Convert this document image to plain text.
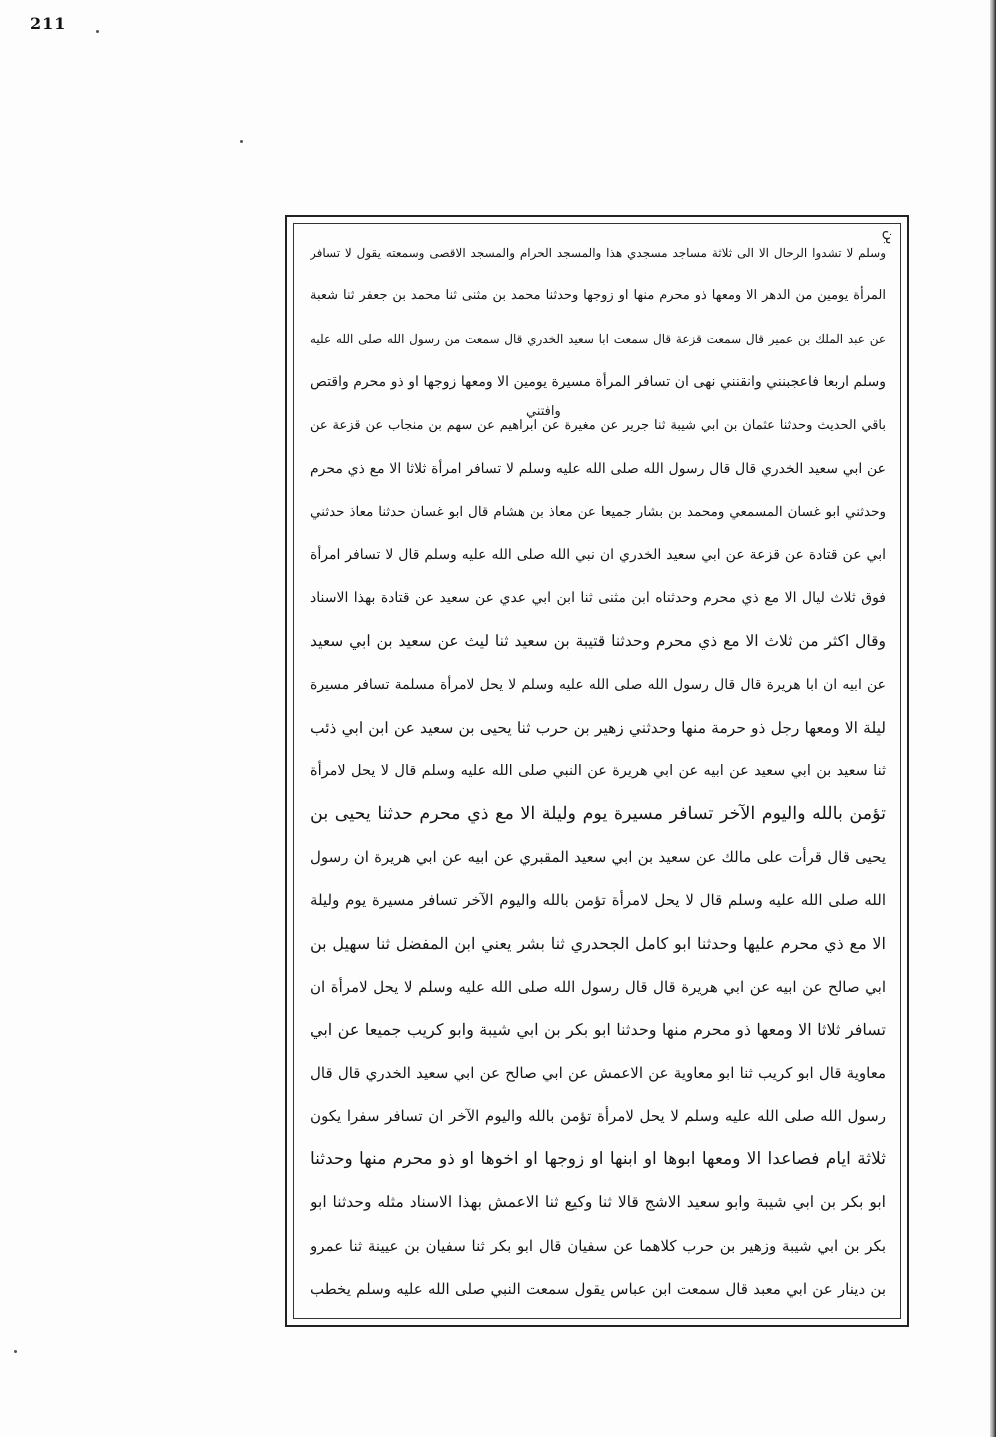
211
بن
وافتني
وسلم لا تشدوا الرحال الا الى ثلاثة مساجد مسجدي هذا والمسجد الحرام والمسجد الاقصى وسمعته يقول لا تسافر
المرأة يومين من الدهر الا ومعها ذو محرم منها او زوجها وحدثنا محمد بن مثنى ثنا محمد بن جعفر ثنا شعبة
عن عبد الملك بن عمير قال سمعت قزعة قال سمعت ابا سعيد الخدري قال سمعت من رسول الله صلى الله عليه
وسلم اربعا فاعجبنني وانقنني نهى ان تسافر المرأة مسيرة يومين الا ومعها زوجها او ذو محرم واقتص
باقي الحديث وحدثنا عثمان بن ابي شيبة ثنا جرير عن مغيرة عن ابراهيم عن سهم بن منجاب عن قزعة عن
عن ابي سعيد الخدري قال قال رسول الله صلى الله عليه وسلم لا تسافر امرأة ثلاثا الا مع ذي محرم
وحدثني ابو غسان المسمعي ومحمد بن بشار جميعا عن معاذ بن هشام قال ابو غسان حدثنا معاذ حدثني
ابي عن قتادة عن قزعة عن ابي سعيد الخدري ان نبي الله صلى الله عليه وسلم قال لا تسافر امرأة
فوق ثلاث ليال الا مع ذي محرم وحدثناه ابن مثنى ثنا ابن ابي عدي عن سعيد عن قتادة بهذا الاسناد
وقال اكثر من ثلاث الا مع ذي محرم وحدثنا قتيبة بن سعيد ثنا ليث عن سعيد بن ابي سعيد
عن ابيه ان ابا هريرة قال قال رسول الله صلى الله عليه وسلم لا يحل لامرأة مسلمة تسافر مسيرة
ليلة الا ومعها رجل ذو حرمة منها وحدثني زهير بن حرب ثنا يحيى بن سعيد عن ابن ابي ذئب
ثنا سعيد بن ابي سعيد عن ابيه عن ابي هريرة عن النبي صلى الله عليه وسلم قال لا يحل لامرأة
تؤمن بالله واليوم الآخر تسافر مسيرة يوم وليلة الا مع ذي محرم حدثنا يحيى بن
يحيى قال قرأت على مالك عن سعيد بن ابي سعيد المقبري عن ابيه عن ابي هريرة ان رسول
الله صلى الله عليه وسلم قال لا يحل لامرأة تؤمن بالله واليوم الآخر تسافر مسيرة يوم وليلة
الا مع ذي محرم عليها وحدثنا ابو كامل الجحدري ثنا بشر يعني ابن المفضل ثنا سهيل بن
ابي صالح عن ابيه عن ابي هريرة قال قال رسول الله صلى الله عليه وسلم لا يحل لامرأة ان
تسافر ثلاثا الا ومعها ذو محرم منها وحدثنا ابو بكر بن ابي شيبة وابو كريب جميعا عن ابي
معاوية قال ابو كريب ثنا ابو معاوية عن الاعمش عن ابي صالح عن ابي سعيد الخدري قال قال
رسول الله صلى الله عليه وسلم لا يحل لامرأة تؤمن بالله واليوم الآخر ان تسافر سفرا يكون
ثلاثة ايام فصاعدا الا ومعها ابوها او ابنها او زوجها او اخوها او ذو محرم منها وحدثنا
ابو بكر بن ابي شيبة وابو سعيد الاشج قالا ثنا وكيع ثنا الاعمش بهذا الاسناد مثله وحدثنا ابو
بكر بن ابي شيبة وزهير بن حرب كلاهما عن سفيان قال ابو بكر ثنا سفيان بن عيينة ثنا عمرو
بن دينار عن ابي معبد قال سمعت ابن عباس يقول سمعت النبي صلى الله عليه وسلم يخطب
